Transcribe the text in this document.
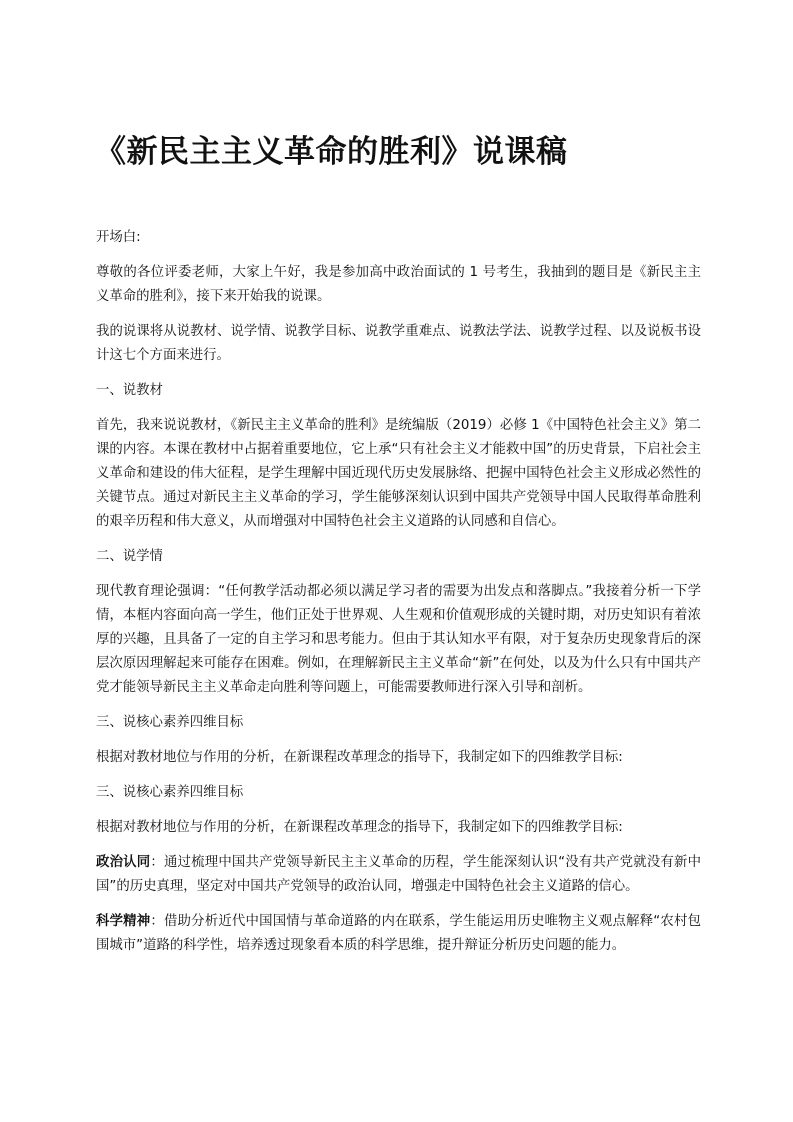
《新民主主义革命的胜利》说课稿

开场白:

尊敬的各位评委老师，大家上午好，我是参加高中政治面试的 1 号考生，我抽到的题目是《新民主主义革命的胜利》，接下来开始我的说课。

我的说课将从说教材、说学情、说教学目标、说教学重难点、说教法学法、说教学过程、以及说板书设计这七个方面来进行。

一、说教材

首先，我来说说教材，《新民主主义革命的胜利》是统编版（2019）必修 1《中国特色社会主义》第二课的内容。本课在教材中占据着重要地位，它上承“只有社会主义才能救中国”的历史背景，下启社会主义革命和建设的伟大征程，是学生理解中国近现代历史发展脉络、把握中国特色社会主义形成必然性的关键节点。通过对新民主主义革命的学习，学生能够深刻认识到中国共产党领导中国人民取得革命胜利的艰辛历程和伟大意义，从而增强对中国特色社会主义道路的认同感和自信心。

二、说学情

现代教育理论强调：“任何教学活动都必须以满足学习者的需要为出发点和落脚点。”我接着分析一下学情，本框内容面向高一学生，他们正处于世界观、人生观和价值观形成的关键时期，对历史知识有着浓厚的兴趣，且具备了一定的自主学习和思考能力。但由于其认知水平有限，对于复杂历史现象背后的深层次原因理解起来可能存在困难。例如，在理解新民主主义革命“新”在何处，以及为什么只有中国共产党才能领导新民主主义革命走向胜利等问题上，可能需要教师进行深入引导和剖析。

三、说核心素养四维目标

根据对教材地位与作用的分析，在新课程改革理念的指导下，我制定如下的四维教学目标:

三、说核心素养四维目标

根据对教材地位与作用的分析，在新课程改革理念的指导下，我制定如下的四维教学目标:

政治认同：通过梳理中国共产党领导新民主主义革命的历程，学生能深刻认识“没有共产党就没有新中国”的历史真理，坚定对中国共产党领导的政治认同，增强走中国特色社会主义道路的信心。

科学精神：借助分析近代中国国情与革命道路的内在联系，学生能运用历史唯物主义观点解释“农村包围城市”道路的科学性，培养透过现象看本质的科学思维，提升辩证分析历史问题的能力。
